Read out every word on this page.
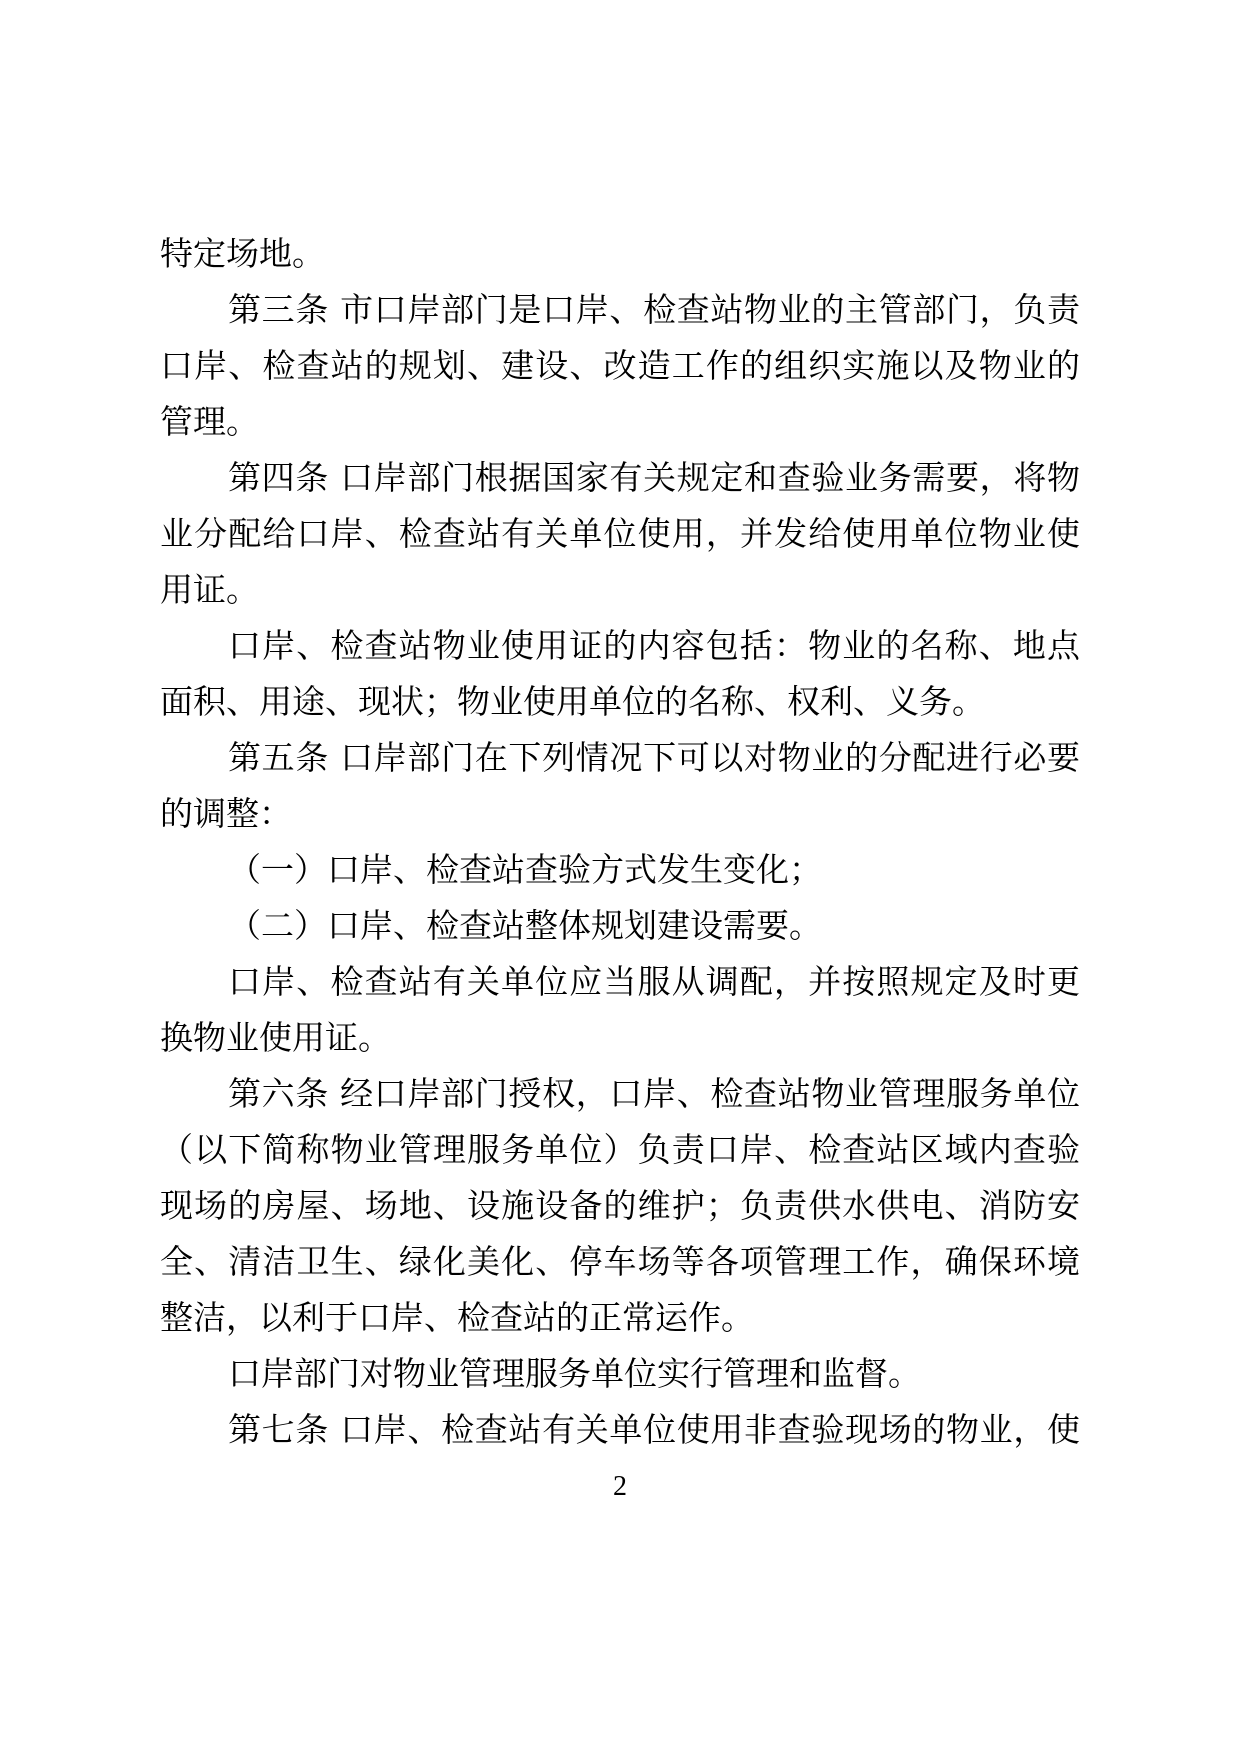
特定场地。
第三条 市口岸部门是口岸、检查站物业的主管部门，负责
口岸、检查站的规划、建设、改造工作的组织实施以及物业的
管理。
第四条 口岸部门根据国家有关规定和查验业务需要，将物
业分配给口岸、检查站有关单位使用，并发给使用单位物业使
用证。
口岸、检查站物业使用证的内容包括：物业的名称、地点
面积、用途、现状；物业使用单位的名称、权利、义务。
第五条 口岸部门在下列情况下可以对物业的分配进行必要
的调整：
（一）口岸、检查站查验方式发生变化；
（二）口岸、检查站整体规划建设需要。
口岸、检查站有关单位应当服从调配，并按照规定及时更
换物业使用证。
第六条 经口岸部门授权，口岸、检查站物业管理服务单位
（以下简称物业管理服务单位）负责口岸、检查站区域内查验
现场的房屋、场地、设施设备的维护；负责供水供电、消防安
全、清洁卫生、绿化美化、停车场等各项管理工作，确保环境
整洁，以利于口岸、检查站的正常运作。
口岸部门对物业管理服务单位实行管理和监督。
第七条 口岸、检查站有关单位使用非查验现场的物业，使
2
